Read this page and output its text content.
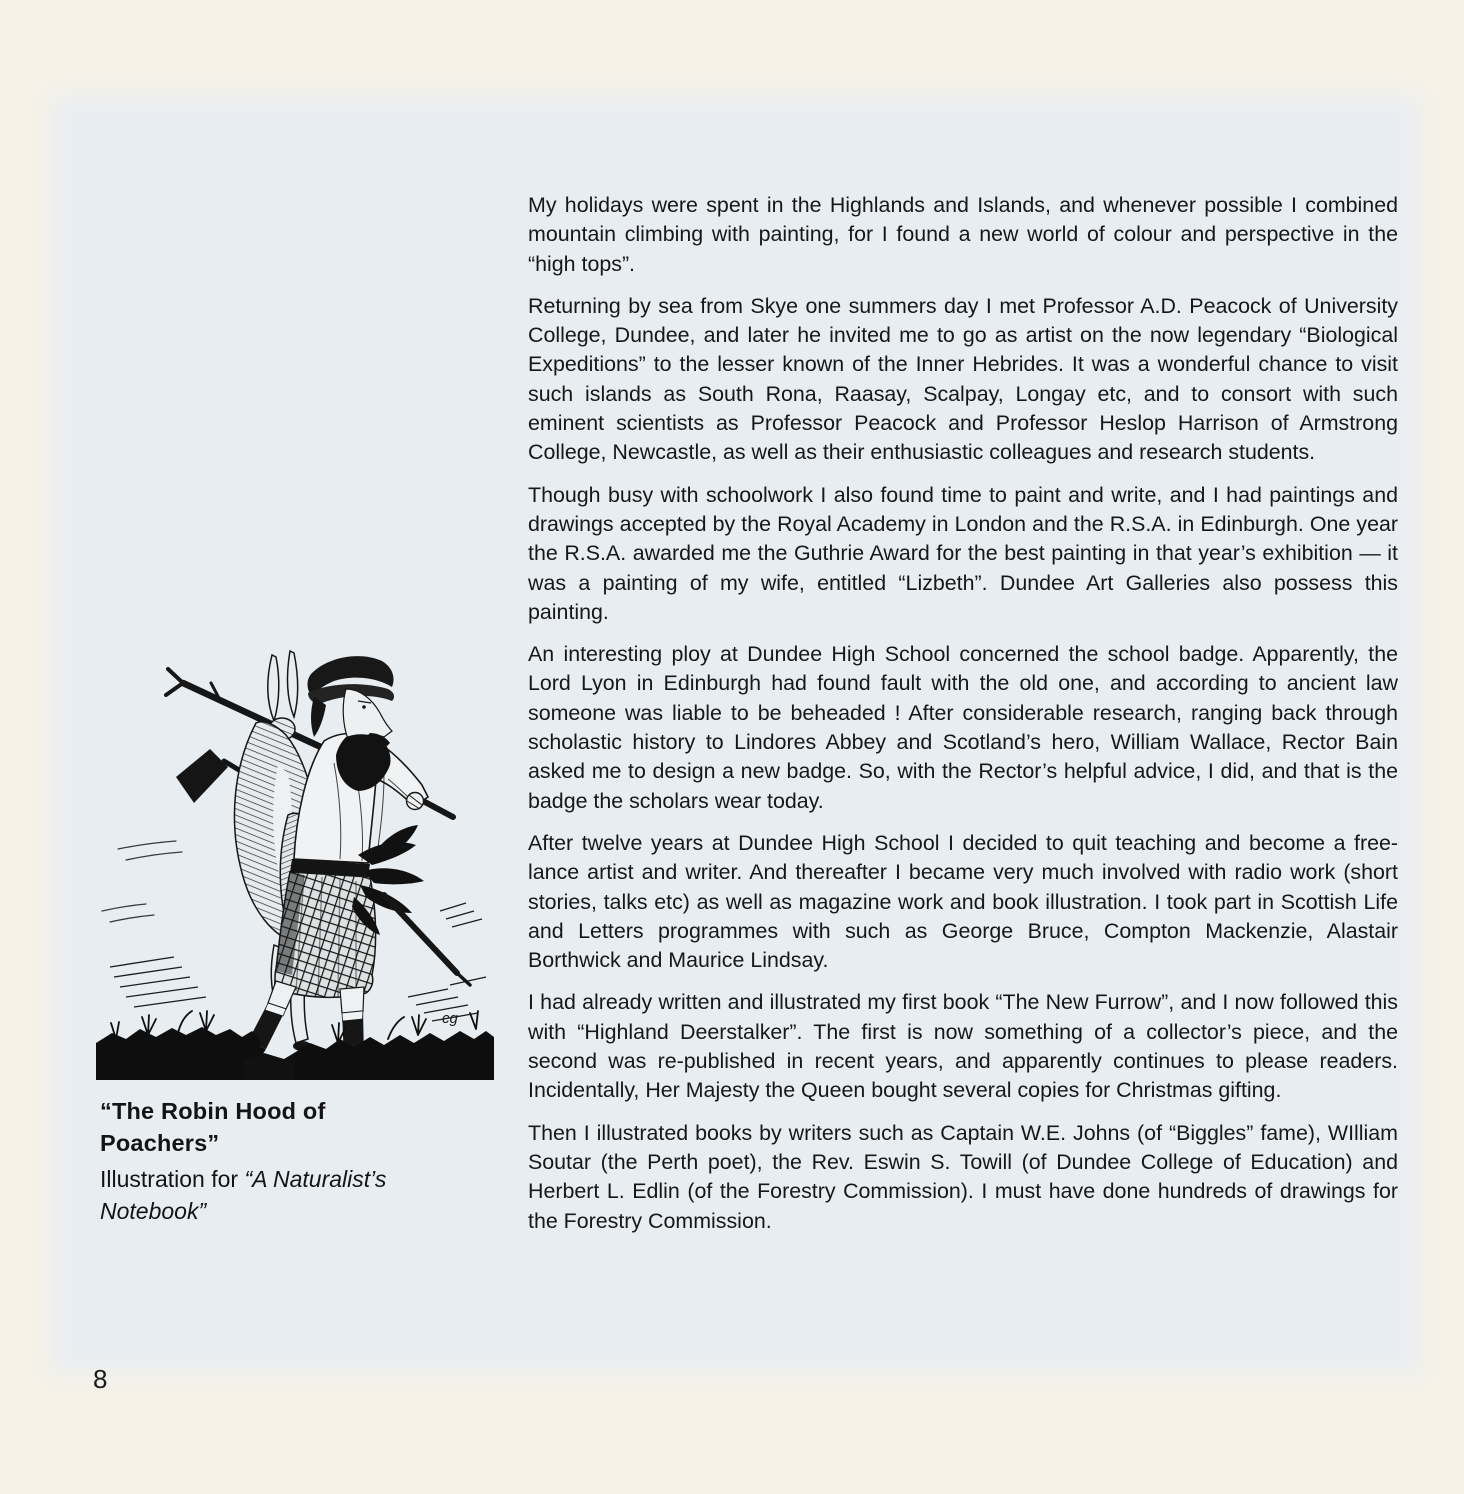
My holidays were spent in the Highlands and Islands, and whenever possible I combined mountain climbing with painting, for I found a new world of colour and perspective in the “high tops”.

Returning by sea from Skye one summers day I met Professor A.D. Peacock of University College, Dundee, and later he invited me to go as artist on the now legendary “Biological Expeditions” to the lesser known of the Inner Hebrides. It was a wonderful chance to visit such islands as South Rona, Raasay, Scalpay, Longay etc, and to consort with such eminent scientists as Professor Peacock and Professor Heslop Harrison of Armstrong College, Newcastle, as well as their enthusiastic colleagues and research students.

Though busy with schoolwork I also found time to paint and write, and I had paintings and drawings accepted by the Royal Academy in London and the R.S.A. in Edinburgh. One year the R.S.A. awarded me the Guthrie Award for the best painting in that year’s exhibition — it was a painting of my wife, entitled “Lizbeth”. Dundee Art Galleries also possess this painting.

An interesting ploy at Dundee High School concerned the school badge. Apparently, the Lord Lyon in Edinburgh had found fault with the old one, and according to ancient law someone was liable to be beheaded ! After considerable research, ranging back through scholastic history to Lindores Abbey and Scotland’s hero, William Wallace, Rector Bain asked me to design a new badge. So, with the Rector’s helpful advice, I did, and that is the badge the scholars wear today.

After twelve years at Dundee High School I decided to quit teaching and become a free-lance artist and writer. And thereafter I became very much involved with radio work (short stories, talks etc) as well as magazine work and book illustration. I took part in Scottish Life and Letters programmes with such as George Bruce, Compton Mackenzie, Alastair Borthwick and Maurice Lindsay.

I had already written and illustrated my first book “The New Furrow”, and I now followed this with “Highland Deerstalker”. The first is now something of a collector’s piece, and the second was re-published in recent years, and apparently continues to please readers. Incidentally, Her Majesty the Queen bought several copies for Christmas gifting.

Then I illustrated books by writers such as Captain W.E. Johns (of “Biggles” fame), WIlliam Soutar (the Perth poet), the Rev. Eswin S. Towill (of Dundee College of Education) and Herbert L. Edlin (of the Forestry Commission). I must have done hundreds of drawings for the Forestry Commission.

cg

“The Robin Hood of Poachers”

Illustration for “A Naturalist’s Notebook”

8
